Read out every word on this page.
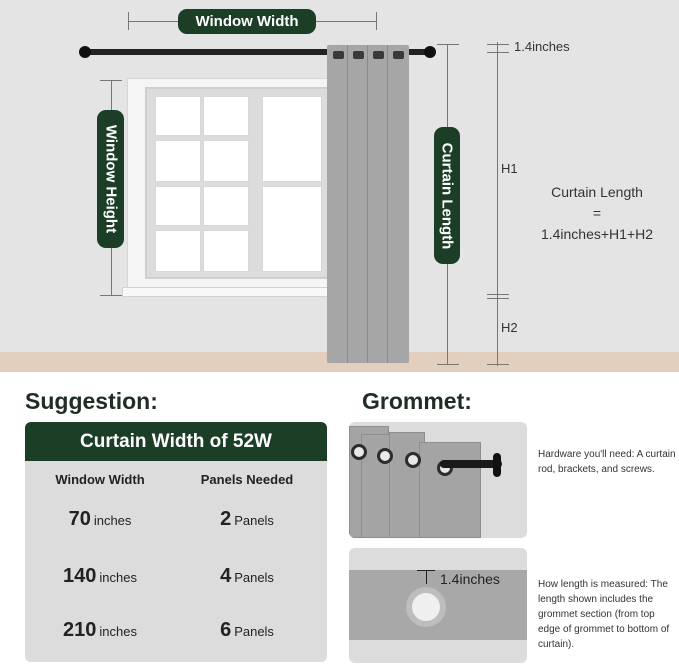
Window Width
Window Height	Curtain Length
1.4inches
H1
H2
Curtain Length
=
1.4inches+H1+H2
Suggestion:
Curtain Width of 52W
Window Width	Panels Needed
70 inches	2 Panels
140 inches	4 Panels
210 inches	6 Panels
Grommet:
Hardware you'll need: A curtain rod, brackets, and screws.
1.4inches	How length is measured: The length shown includes the grommet section (from top edge of grommet to bottom of curtain).
